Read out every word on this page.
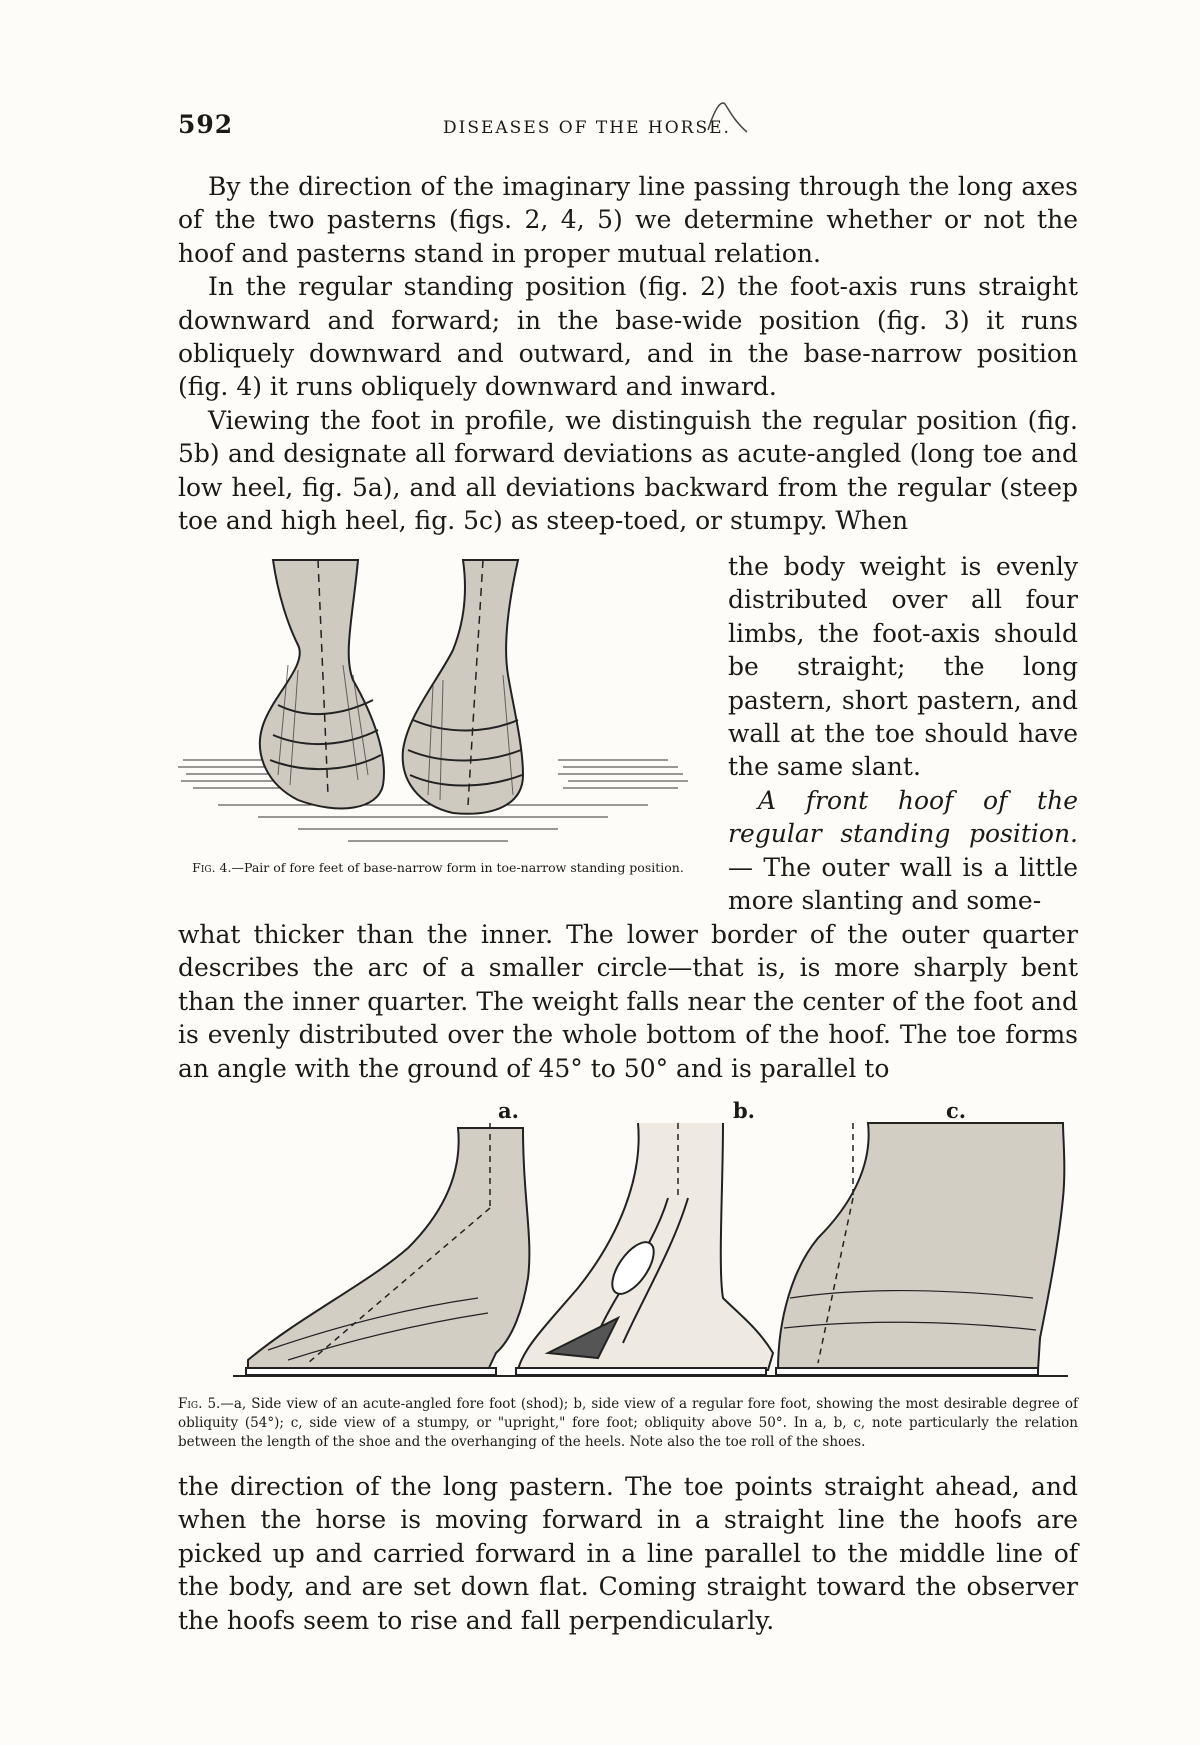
592	DISEASES OF THE HORSE.

By the direction of the imaginary line passing through the long axes of the two pasterns (figs. 2, 4, 5) we determine whether or not the hoof and pasterns stand in proper mutual relation.

In the regular standing position (fig. 2) the foot-axis runs straight downward and forward; in the base-wide position (fig. 3) it runs obliquely downward and outward, and in the base-narrow position (fig. 4) it runs obliquely downward and inward.

Viewing the foot in profile, we distinguish the regular position (fig. 5b) and designate all forward deviations as acute-angled (long toe and low heel, fig. 5a), and all deviations backward from the regular (steep toe and high heel, fig. 5c) as steep-toed, or stumpy. When

Fig. 4.—Pair of fore feet of base-narrow form in toe-narrow standing position.

the body weight is evenly distributed over all four limbs, the foot-axis should be straight; the long pastern, short pastern, and wall at the toe should have the same slant.

A front hoof of the regular standing position.— The outer wall is a little more slanting and some-

what thicker than the inner. The lower border of the outer quarter describes the arc of a smaller circle—that is, is more sharply bent than the inner quarter. The weight falls near the center of the foot and is evenly distributed over the whole bottom of the hoof. The toe forms an angle with the ground of 45° to 50° and is parallel to

a.	b.	c.
Fig. 5.—a, Side view of an acute-angled fore foot (shod); b, side view of a regular fore foot, showing the most desirable degree of obliquity (54°); c, side view of a stumpy, or "upright," fore foot; obliquity above 50°. In a, b, c, note particularly the relation between the length of the shoe and the overhanging of the heels. Note also the toe roll of the shoes.

the direction of the long pastern. The toe points straight ahead, and when the horse is moving forward in a straight line the hoofs are picked up and carried forward in a line parallel to the middle line of the body, and are set down flat. Coming straight toward the observer the hoofs seem to rise and fall perpendicularly.
